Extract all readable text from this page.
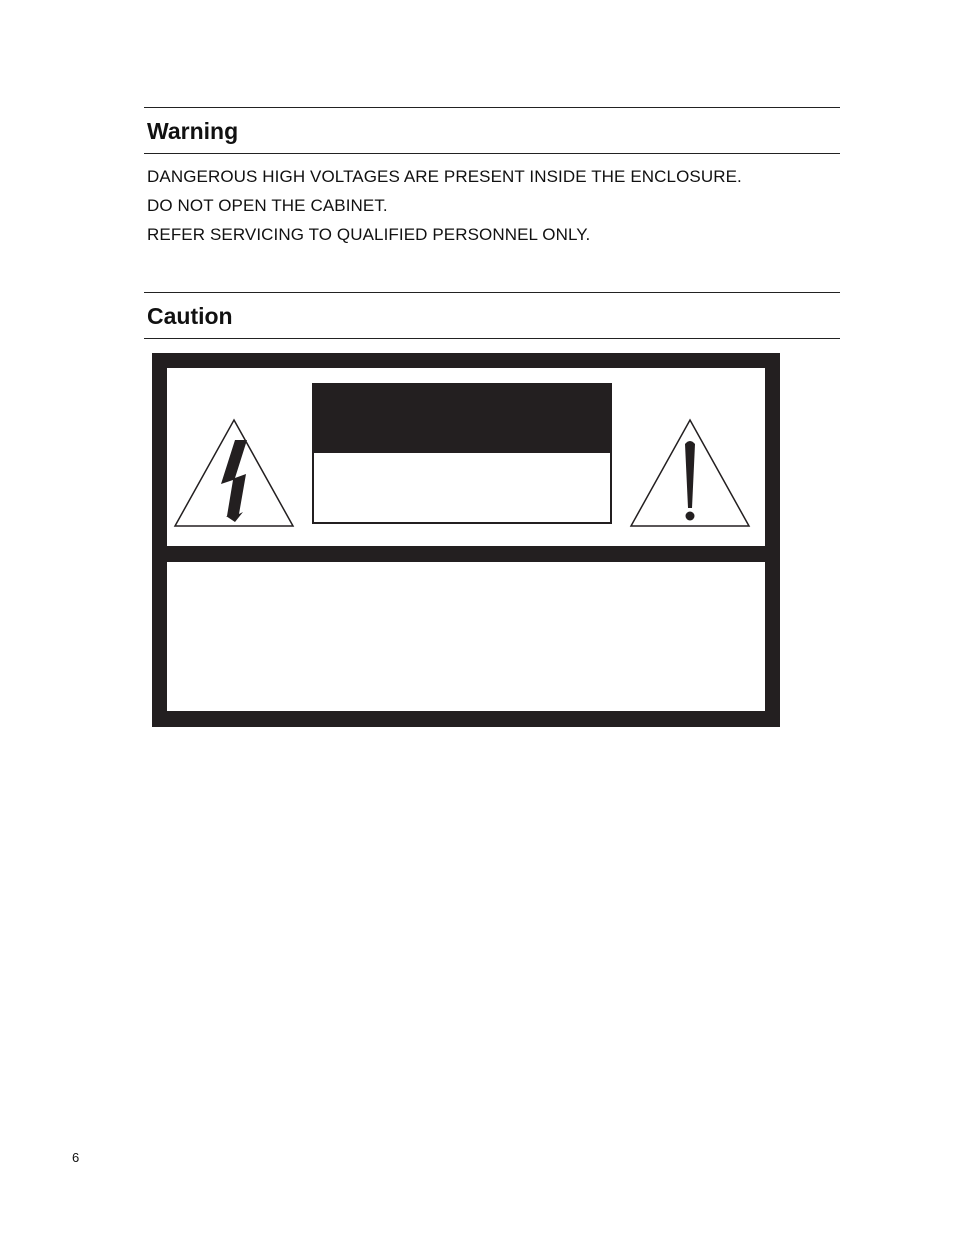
Warning

DANGEROUS HIGH VOLTAGES ARE PRESENT INSIDE THE ENCLOSURE.

DO NOT OPEN THE CABINET.

REFER SERVICING TO QUALIFIED PERSONNEL ONLY.

Caution

6
